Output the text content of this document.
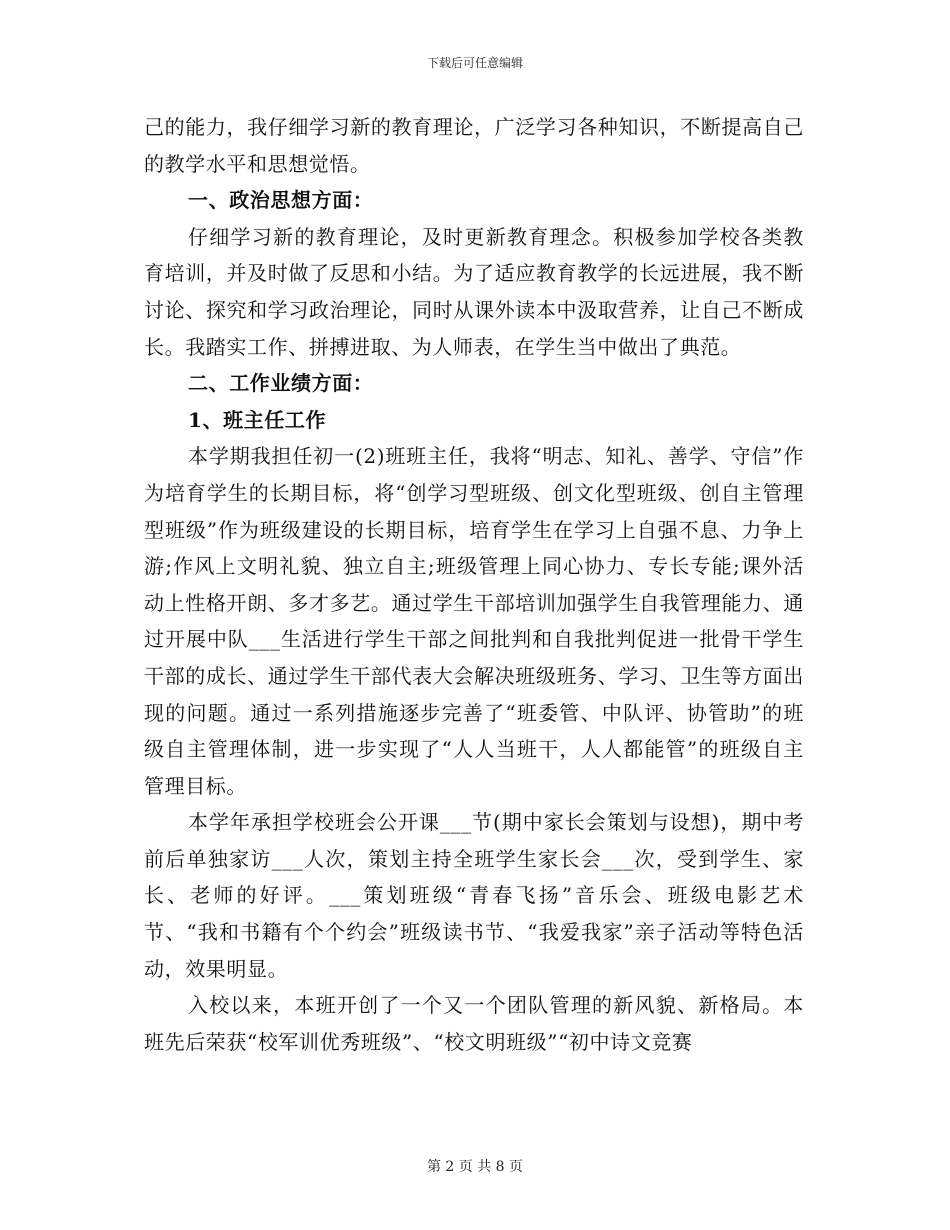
下载后可任意编辑

己的能力，我仔细学习新的教育理论，广泛学习各种知识，不断提高自己的教学水平和思想觉悟。

一、政治思想方面：

仔细学习新的教育理论，及时更新教育理念。积极参加学校各类教育培训，并及时做了反思和小结。为了适应教育教学的长远进展，我不断讨论、探究和学习政治理论，同时从课外读本中汲取营养，让自己不断成长。我踏实工作、拼搏进取、为人师表，在学生当中做出了典范。

二、工作业绩方面：

1、班主任工作

本学期我担任初一(2)班班主任，我将“明志、知礼、善学、守信”作为培育学生的长期目标，将“创学习型班级、创文化型班级、创自主管理型班级”作为班级建设的长期目标，培育学生在学习上自强不息、力争上游;作风上文明礼貌、独立自主;班级管理上同心协力、专长专能;课外活动上性格开朗、多才多艺。通过学生干部培训加强学生自我管理能力、通过开展中队___生活进行学生干部之间批判和自我批判促进一批骨干学生干部的成长、通过学生干部代表大会解决班级班务、学习、卫生等方面出现的问题。通过一系列措施逐步完善了“班委管、中队评、协管助”的班级自主管理体制，进一步实现了“人人当班干，人人都能管”的班级自主管理目标。

本学年承担学校班会公开课___节(期中家长会策划与设想)，期中考前后单独家访___人次，策划主持全班学生家长会___次，受到学生、家长、老师的好评。___策划班级“青春飞扬”音乐会、班级电影艺术节、“我和书籍有个个约会”班级读书节、“我爱我家”亲子活动等特色活动，效果明显。

入校以来，本班开创了一个又一个团队管理的新风貌、新格局。本班先后荣获“校军训优秀班级”、“校文明班级”“初中诗文竞赛

第 2 页 共 8 页
